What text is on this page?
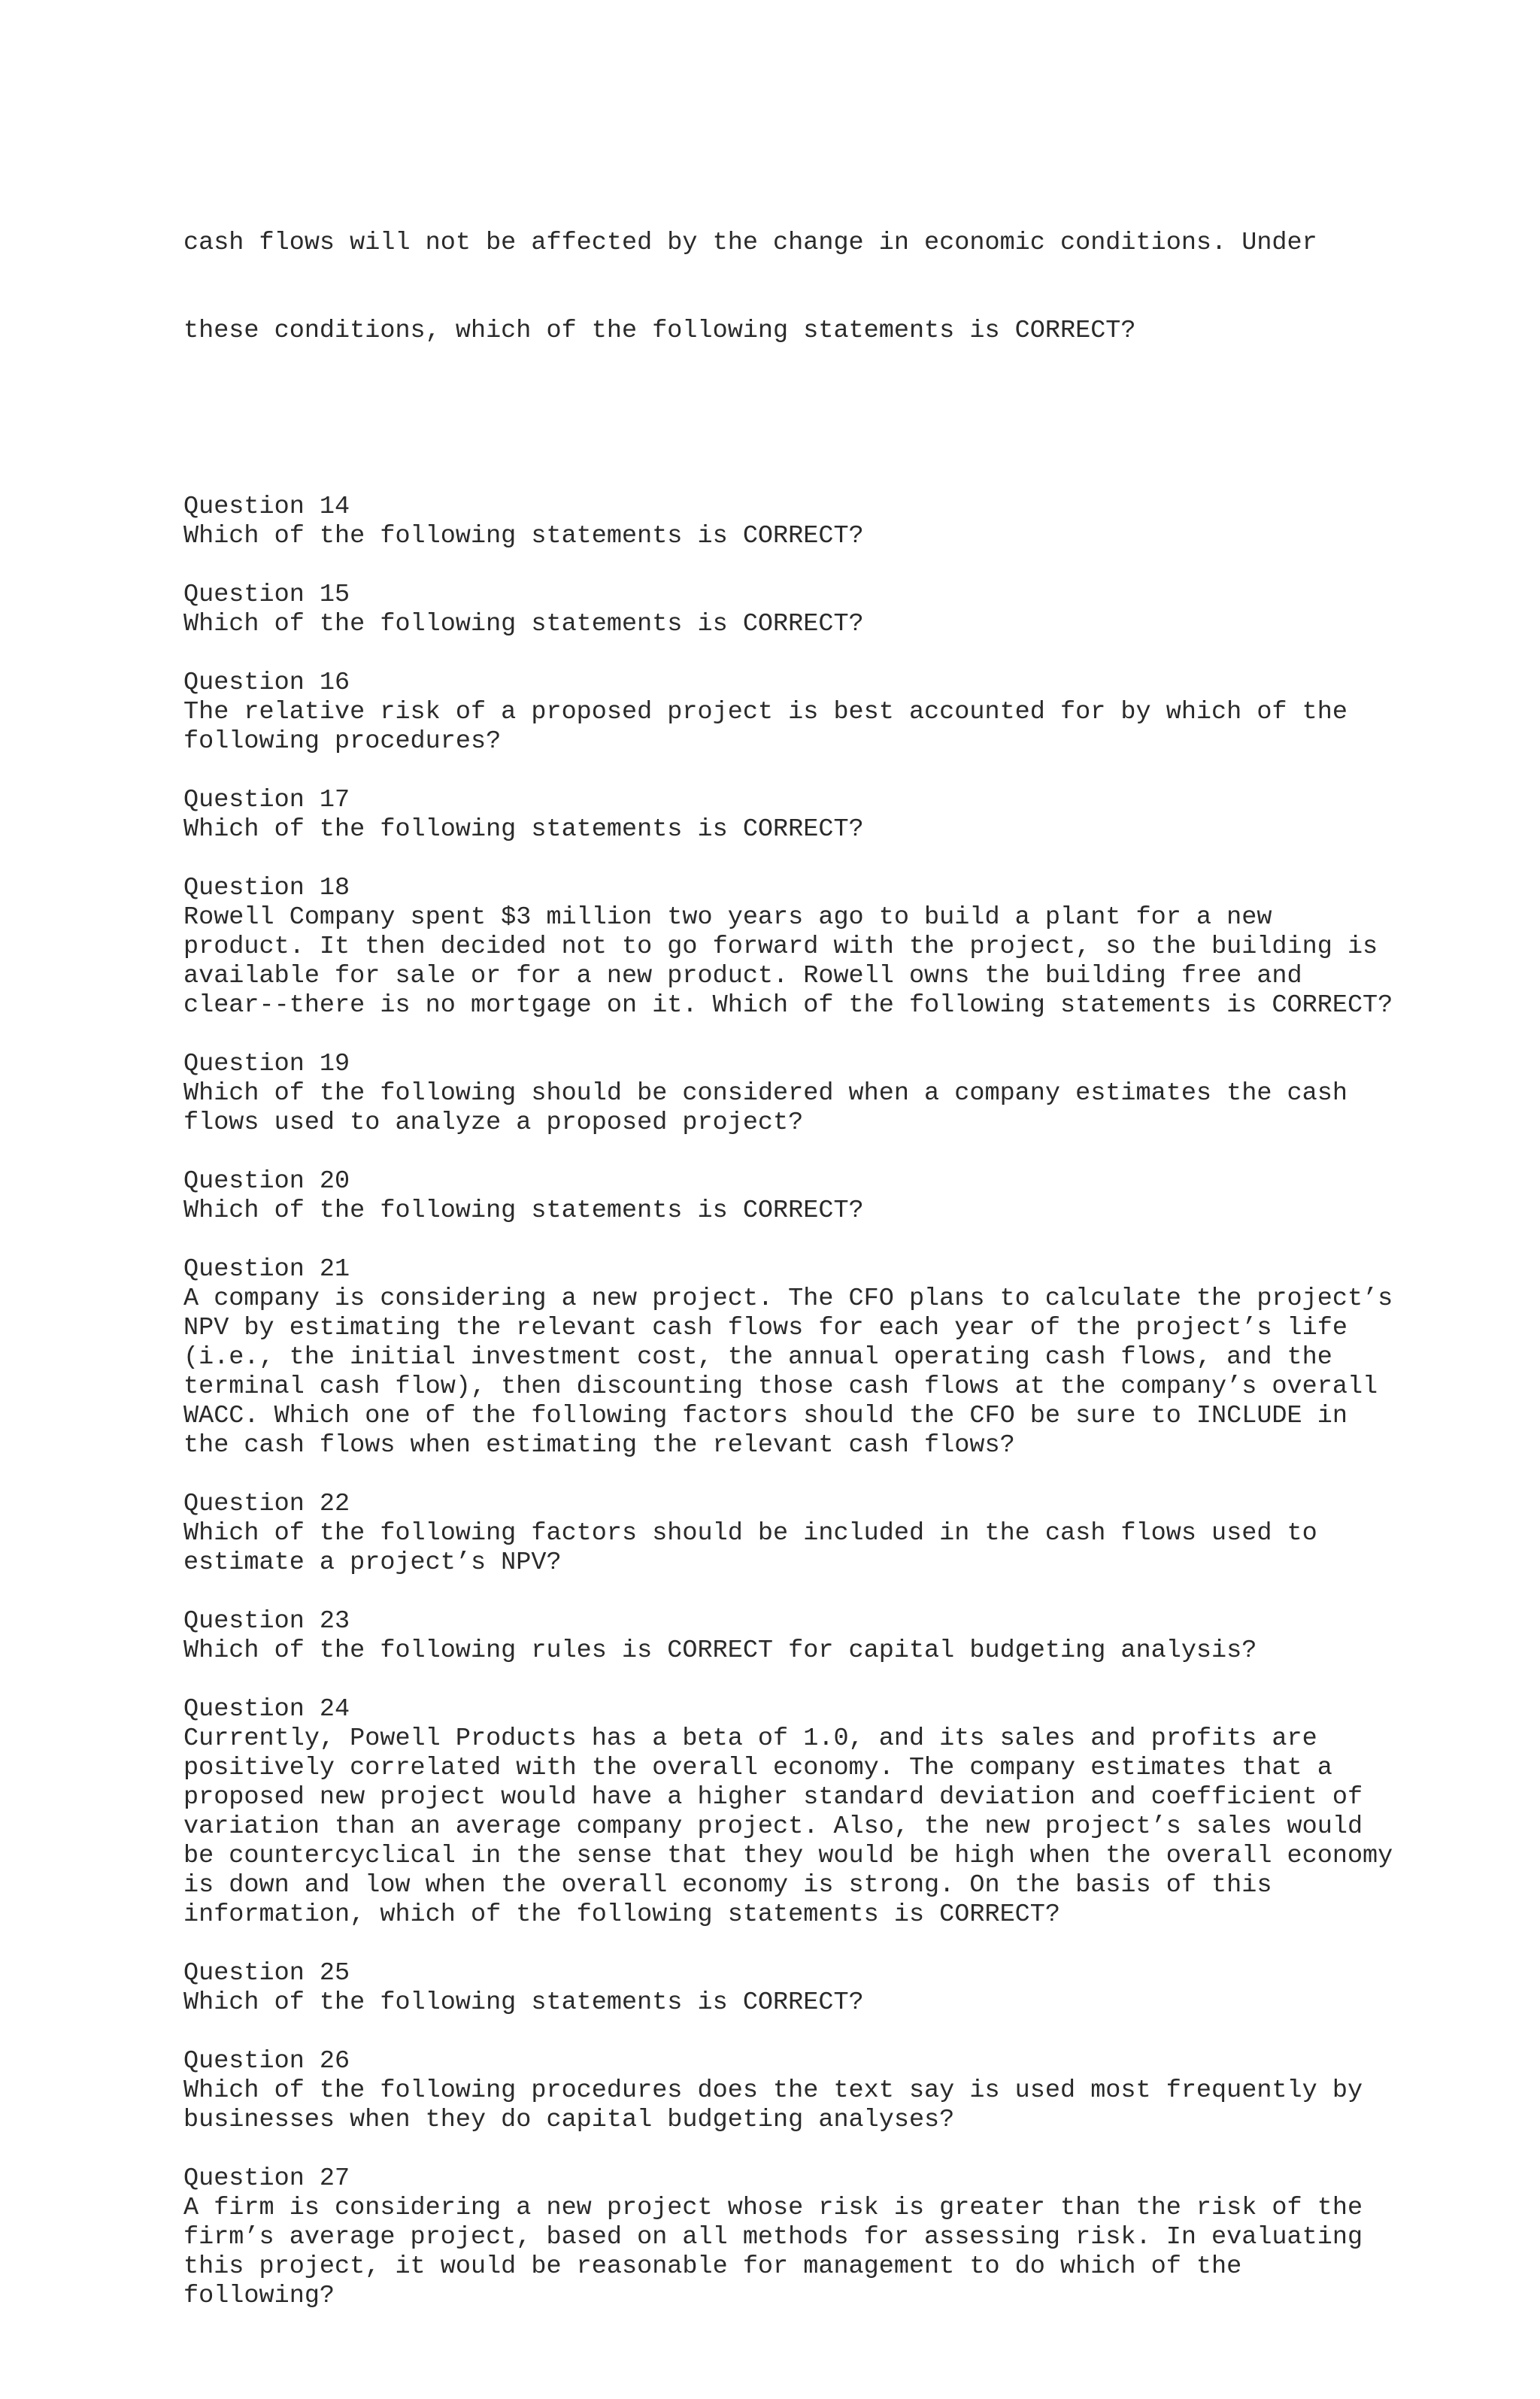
cash flows will not be affected by the change in economic conditions. Under

these conditions, which of the following statements is CORRECT?

Question 14
Which of the following statements is CORRECT?
Question 15
Which of the following statements is CORRECT?
Question 16
The relative risk of a proposed project is best accounted for by which of the
following procedures?
Question 17
Which of the following statements is CORRECT?
Question 18
Rowell Company spent $3 million two years ago to build a plant for a new
product. It then decided not to go forward with the project, so the building is
available for sale or for a new product. Rowell owns the building free and
clear--there is no mortgage on it. Which of the following statements is CORRECT?
Question 19
Which of the following should be considered when a company estimates the cash
flows used to analyze a proposed project?
Question 20
Which of the following statements is CORRECT?
Question 21
A company is considering a new project. The CFO plans to calculate the project’s
NPV by estimating the relevant cash flows for each year of the project’s life
(i.e., the initial investment cost, the annual operating cash flows, and the
terminal cash flow), then discounting those cash flows at the company’s overall
WACC. Which one of the following factors should the CFO be sure to INCLUDE in
the cash flows when estimating the relevant cash flows?
Question 22
Which of the following factors should be included in the cash flows used to
estimate a project’s NPV?
Question 23
Which of the following rules is CORRECT for capital budgeting analysis?
Question 24
Currently, Powell Products has a beta of 1.0, and its sales and profits are
positively correlated with the overall economy. The company estimates that a
proposed new project would have a higher standard deviation and coefficient of
variation than an average company project. Also, the new project’s sales would
be countercyclical in the sense that they would be high when the overall economy
is down and low when the overall economy is strong. On the basis of this
information, which of the following statements is CORRECT?
Question 25
Which of the following statements is CORRECT?
Question 26
Which of the following procedures does the text say is used most frequently by
businesses when they do capital budgeting analyses?
Question 27
A firm is considering a new project whose risk is greater than the risk of the
firm’s average project, based on all methods for assessing risk. In evaluating
this project, it would be reasonable for management to do which of the
following?
